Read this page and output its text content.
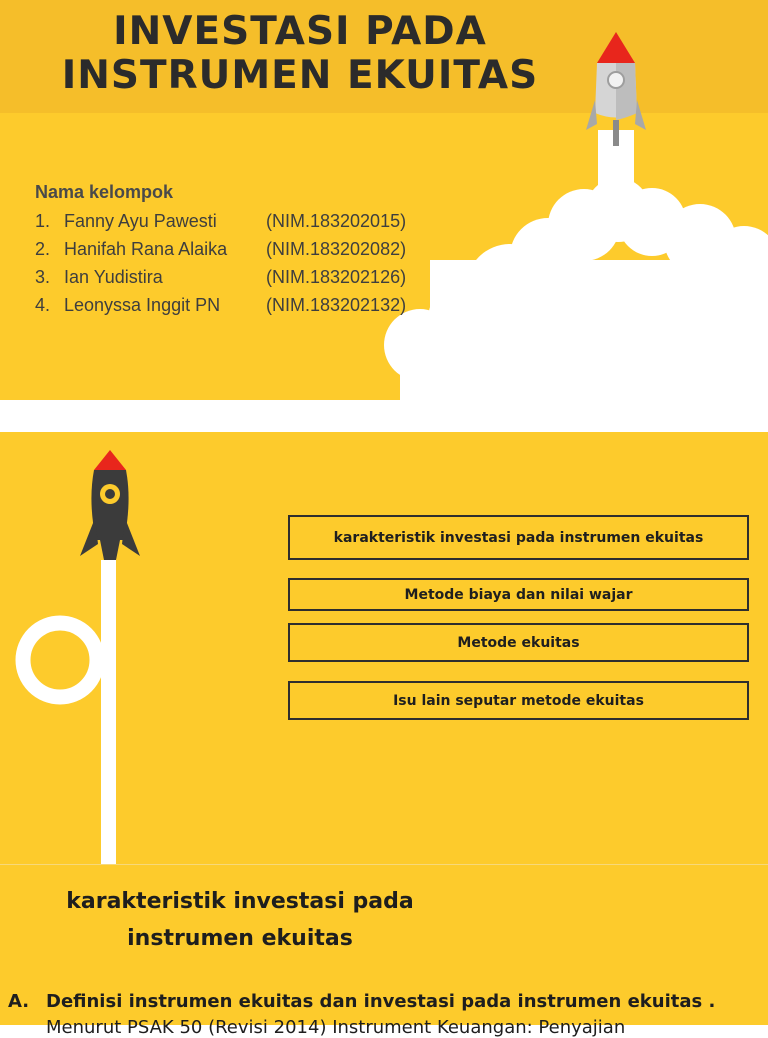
INVESTASI PADA
INSTRUMEN EKUITAS
Nama kelompok
1. Fanny Ayu Pawesti	(NIM.183202015)
2. Hanifah Rana Alaika (NIM.183202082)
3. Ian Yudistira	(NIM.183202126)
4. Leonyssa Inggit PN	(NIM.183202132)
karakteristik investasi pada instrumen ekuitas
Metode biaya dan nilai wajar
Metode ekuitas
Isu lain seputar metode ekuitas
karakteristik investasi pada
instrumen ekuitas
A. Definisi instrumen ekuitas dan investasi pada instrumen ekuitas .
Menurut PSAK 50 (Revisi 2014) Instrument Keuangan: Penyajian
